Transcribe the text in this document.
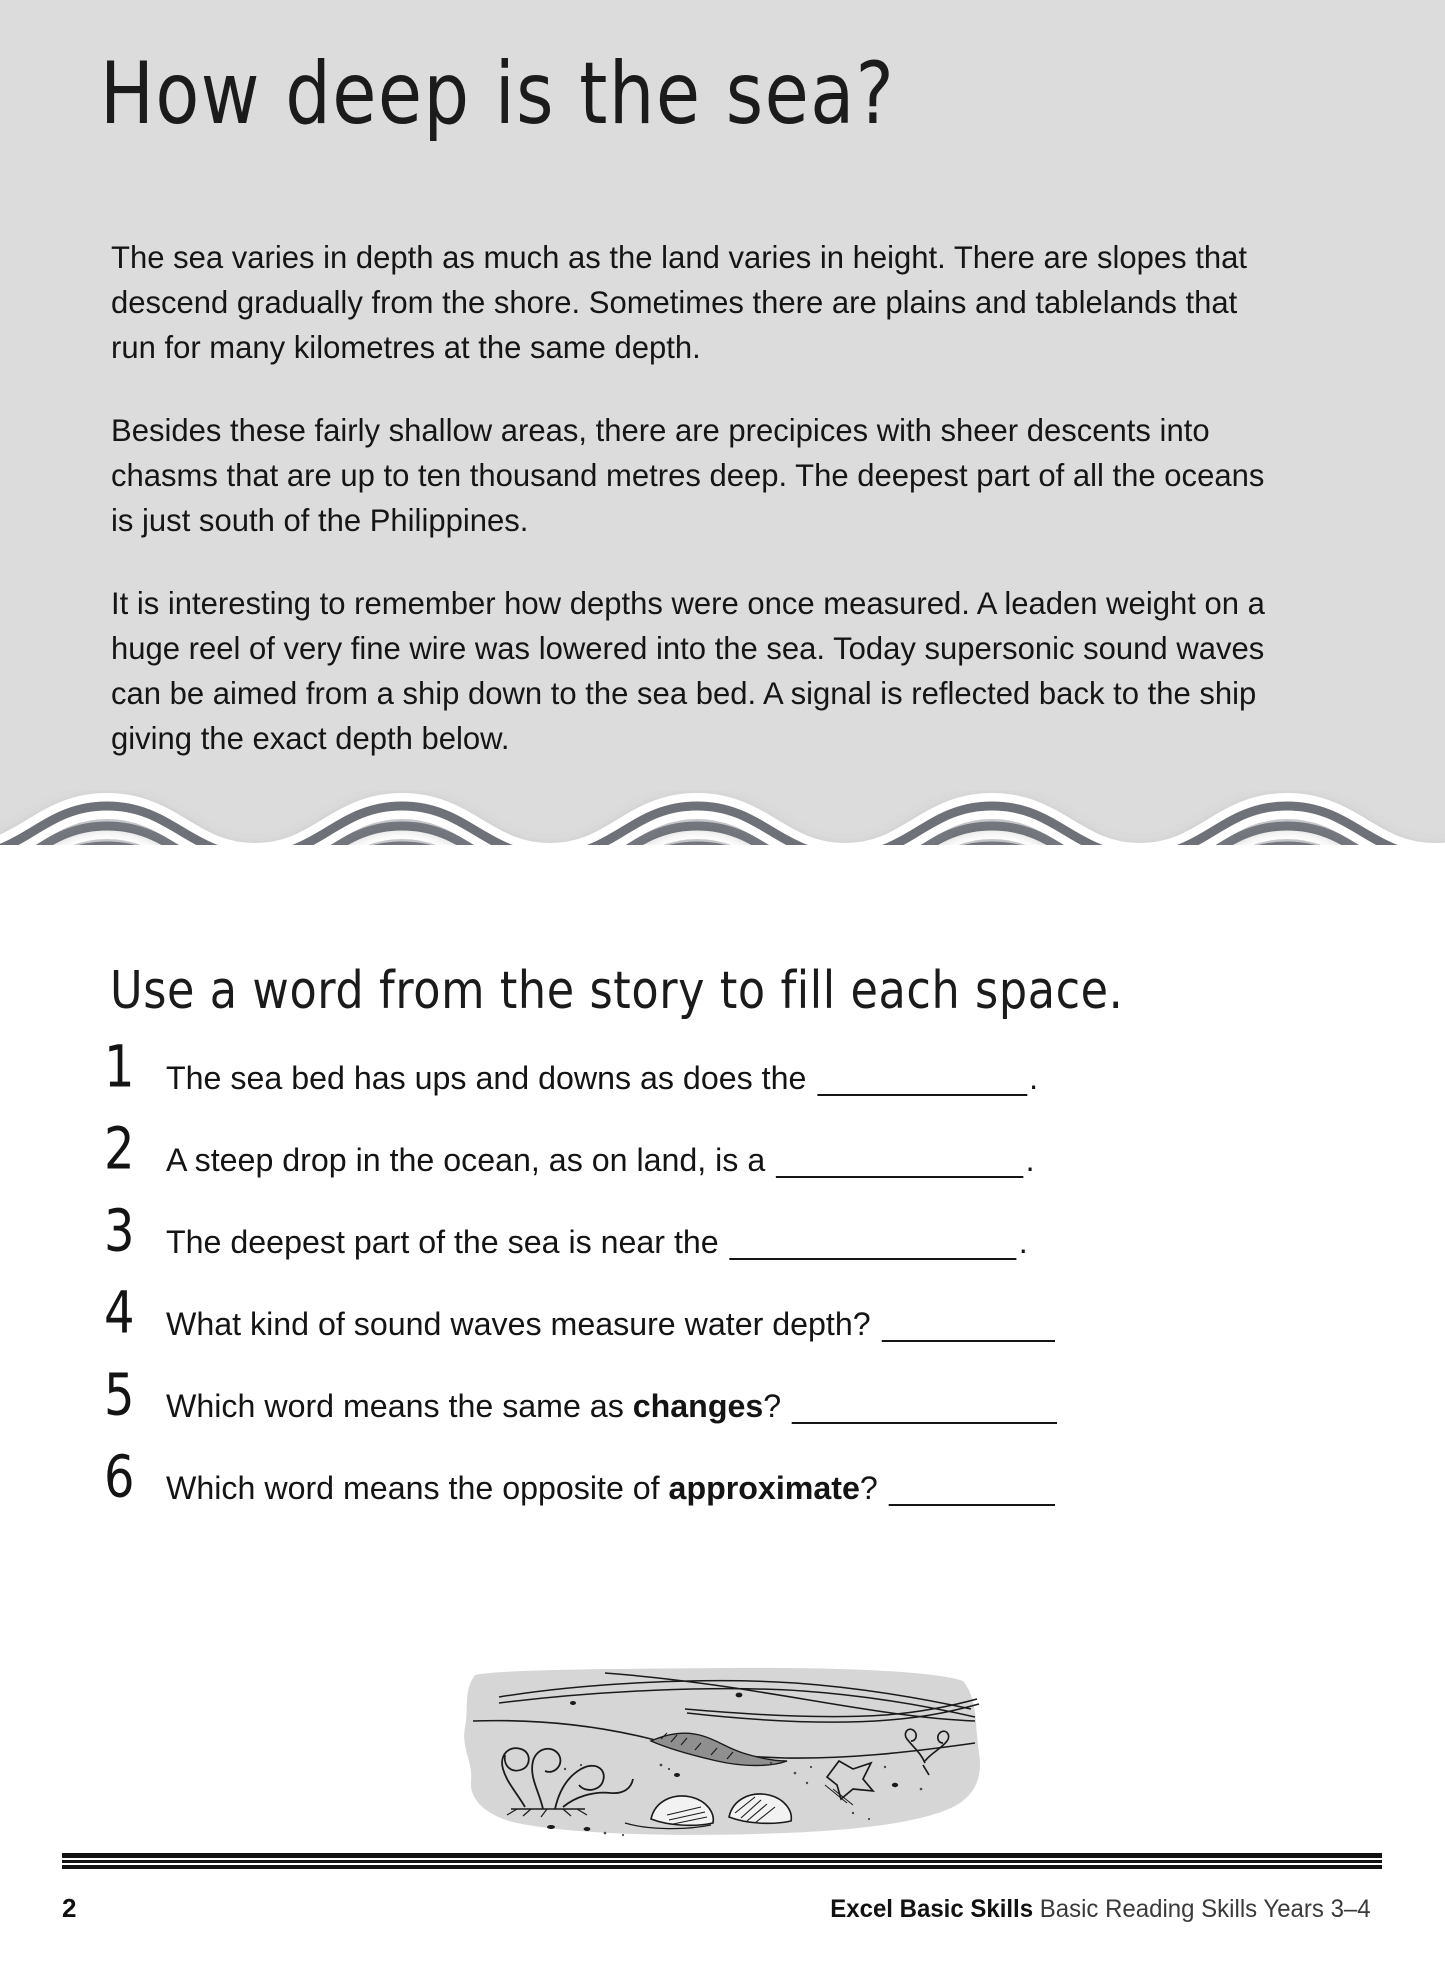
How deep is the sea?

The sea varies in depth as much as the land varies in height. There are slopes that descend gradually from the shore. Sometimes there are plains and tablelands that run for many kilometres at the same depth.

Besides these fairly shallow areas, there are precipices with sheer descents into chasms that are up to ten thousand metres deep. The deepest part of all the oceans is just south of the Philippines.

It is interesting to remember how depths were once measured. A leaden weight on a huge reel of very fine wire was lowered into the sea. Today supersonic sound waves can be aimed from a ship down to the sea bed. A signal is reflected back to the ship giving the exact depth below.

Use a word from the story to fill each space.
1 The sea bed has ups and downs as does the	.
2 A steep drop in the ocean, as on land, is a	.
3 The deepest part of the sea is near the	.
4 What kind of sound waves measure water depth?
5 Which word means the same as changes?
6 Which word means the opposite of approximate?
2	Excel Basic Skills Basic Reading Skills Years 3–4
